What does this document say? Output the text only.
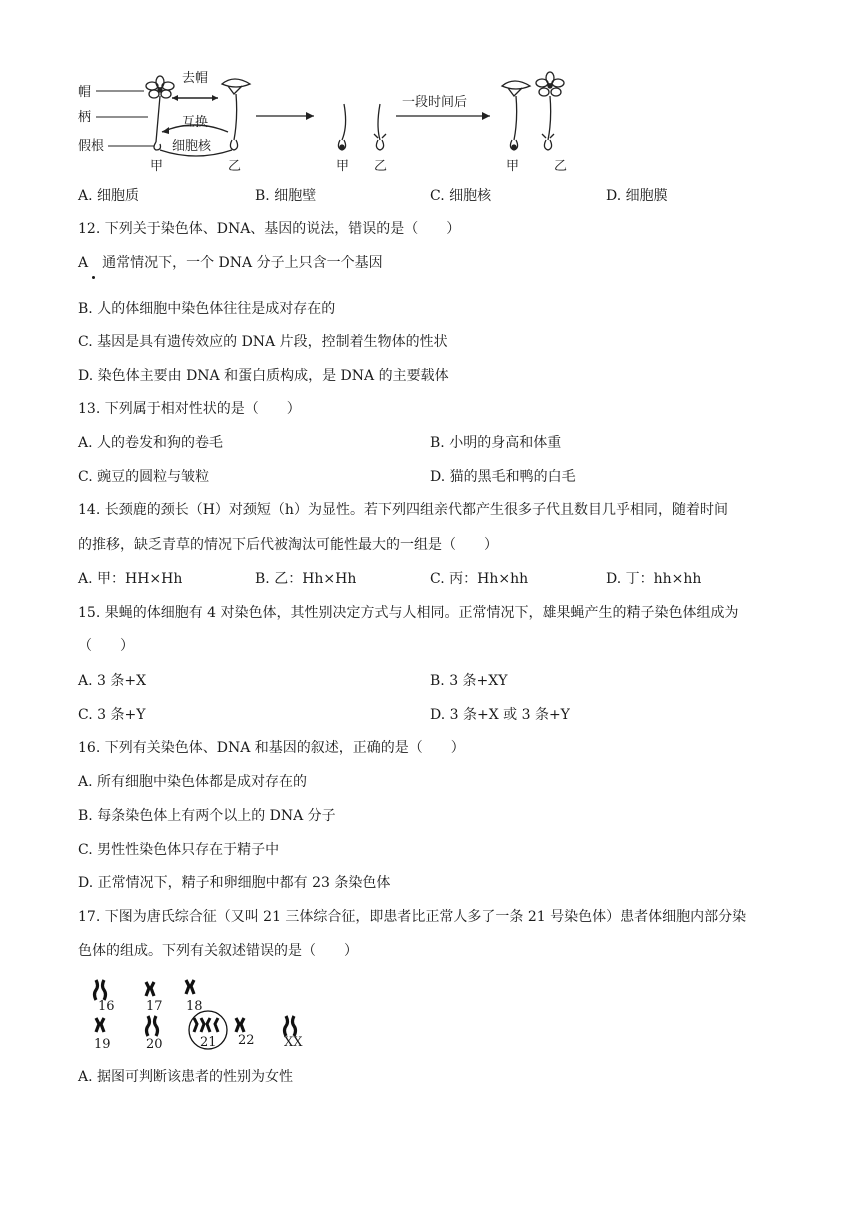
帽
柄
假根
去帽
互换
细胞核
甲	乙	甲 乙
一段时间后
甲	乙
A. 细胞质	B. 细胞壁	C. 细胞核	D. 细胞膜
12. 下列关于染色体、DNA、基因的说法，错误的是（　　）
A　通常情况下，一个 DNA 分子上只含一个基因
B. 人的体细胞中染色体往往是成对存在的
C. 基因是具有遗传效应的 DNA 片段，控制着生物体的性状
D. 染色体主要由 DNA 和蛋白质构成，是 DNA 的主要载体
13. 下列属于相对性状的是（　　）
A. 人的卷发和狗的卷毛	B. 小明的身高和体重
C. 豌豆的圆粒与皱粒	D. 猫的黑毛和鸭的白毛
14. 长颈鹿的颈长（H）对颈短（h）为显性。若下列四组亲代都产生很多子代且数目几乎相同，随着时间
的推移，缺乏青草的情况下后代被淘汰可能性最大的一组是（　　）
A. 甲：HH×Hh	B. 乙：Hh×Hh	C. 丙：Hh×hh	D. 丁：hh×hh
15. 果蝇的体细胞有 4 对染色体，其性别决定方式与人相同。正常情况下，雄果蝇产生的精子染色体组成为
（　　）
A. 3 条+X	B. 3 条+XY
C. 3 条+Y	D. 3 条+X 或 3 条+Y
16. 下列有关染色体、DNA 和基因的叙述，正确的是（　　）
A. 所有细胞中染色体都是成对存在的
B. 每条染色体上有两个以上的 DNA 分子
C. 男性性染色体只存在于精子中
D. 正常情况下，精子和卵细胞中都有 23 条染色体
17. 下图为唐氏综合征（又叫 21 三体综合征，即患者比正常人多了一条 21 号染色体）患者体细胞内部分染
色体的组成。下列有关叙述错误的是（　　）
16 17 18
19	20	21 22 XX
A. 据图可判断该患者的性别为女性
